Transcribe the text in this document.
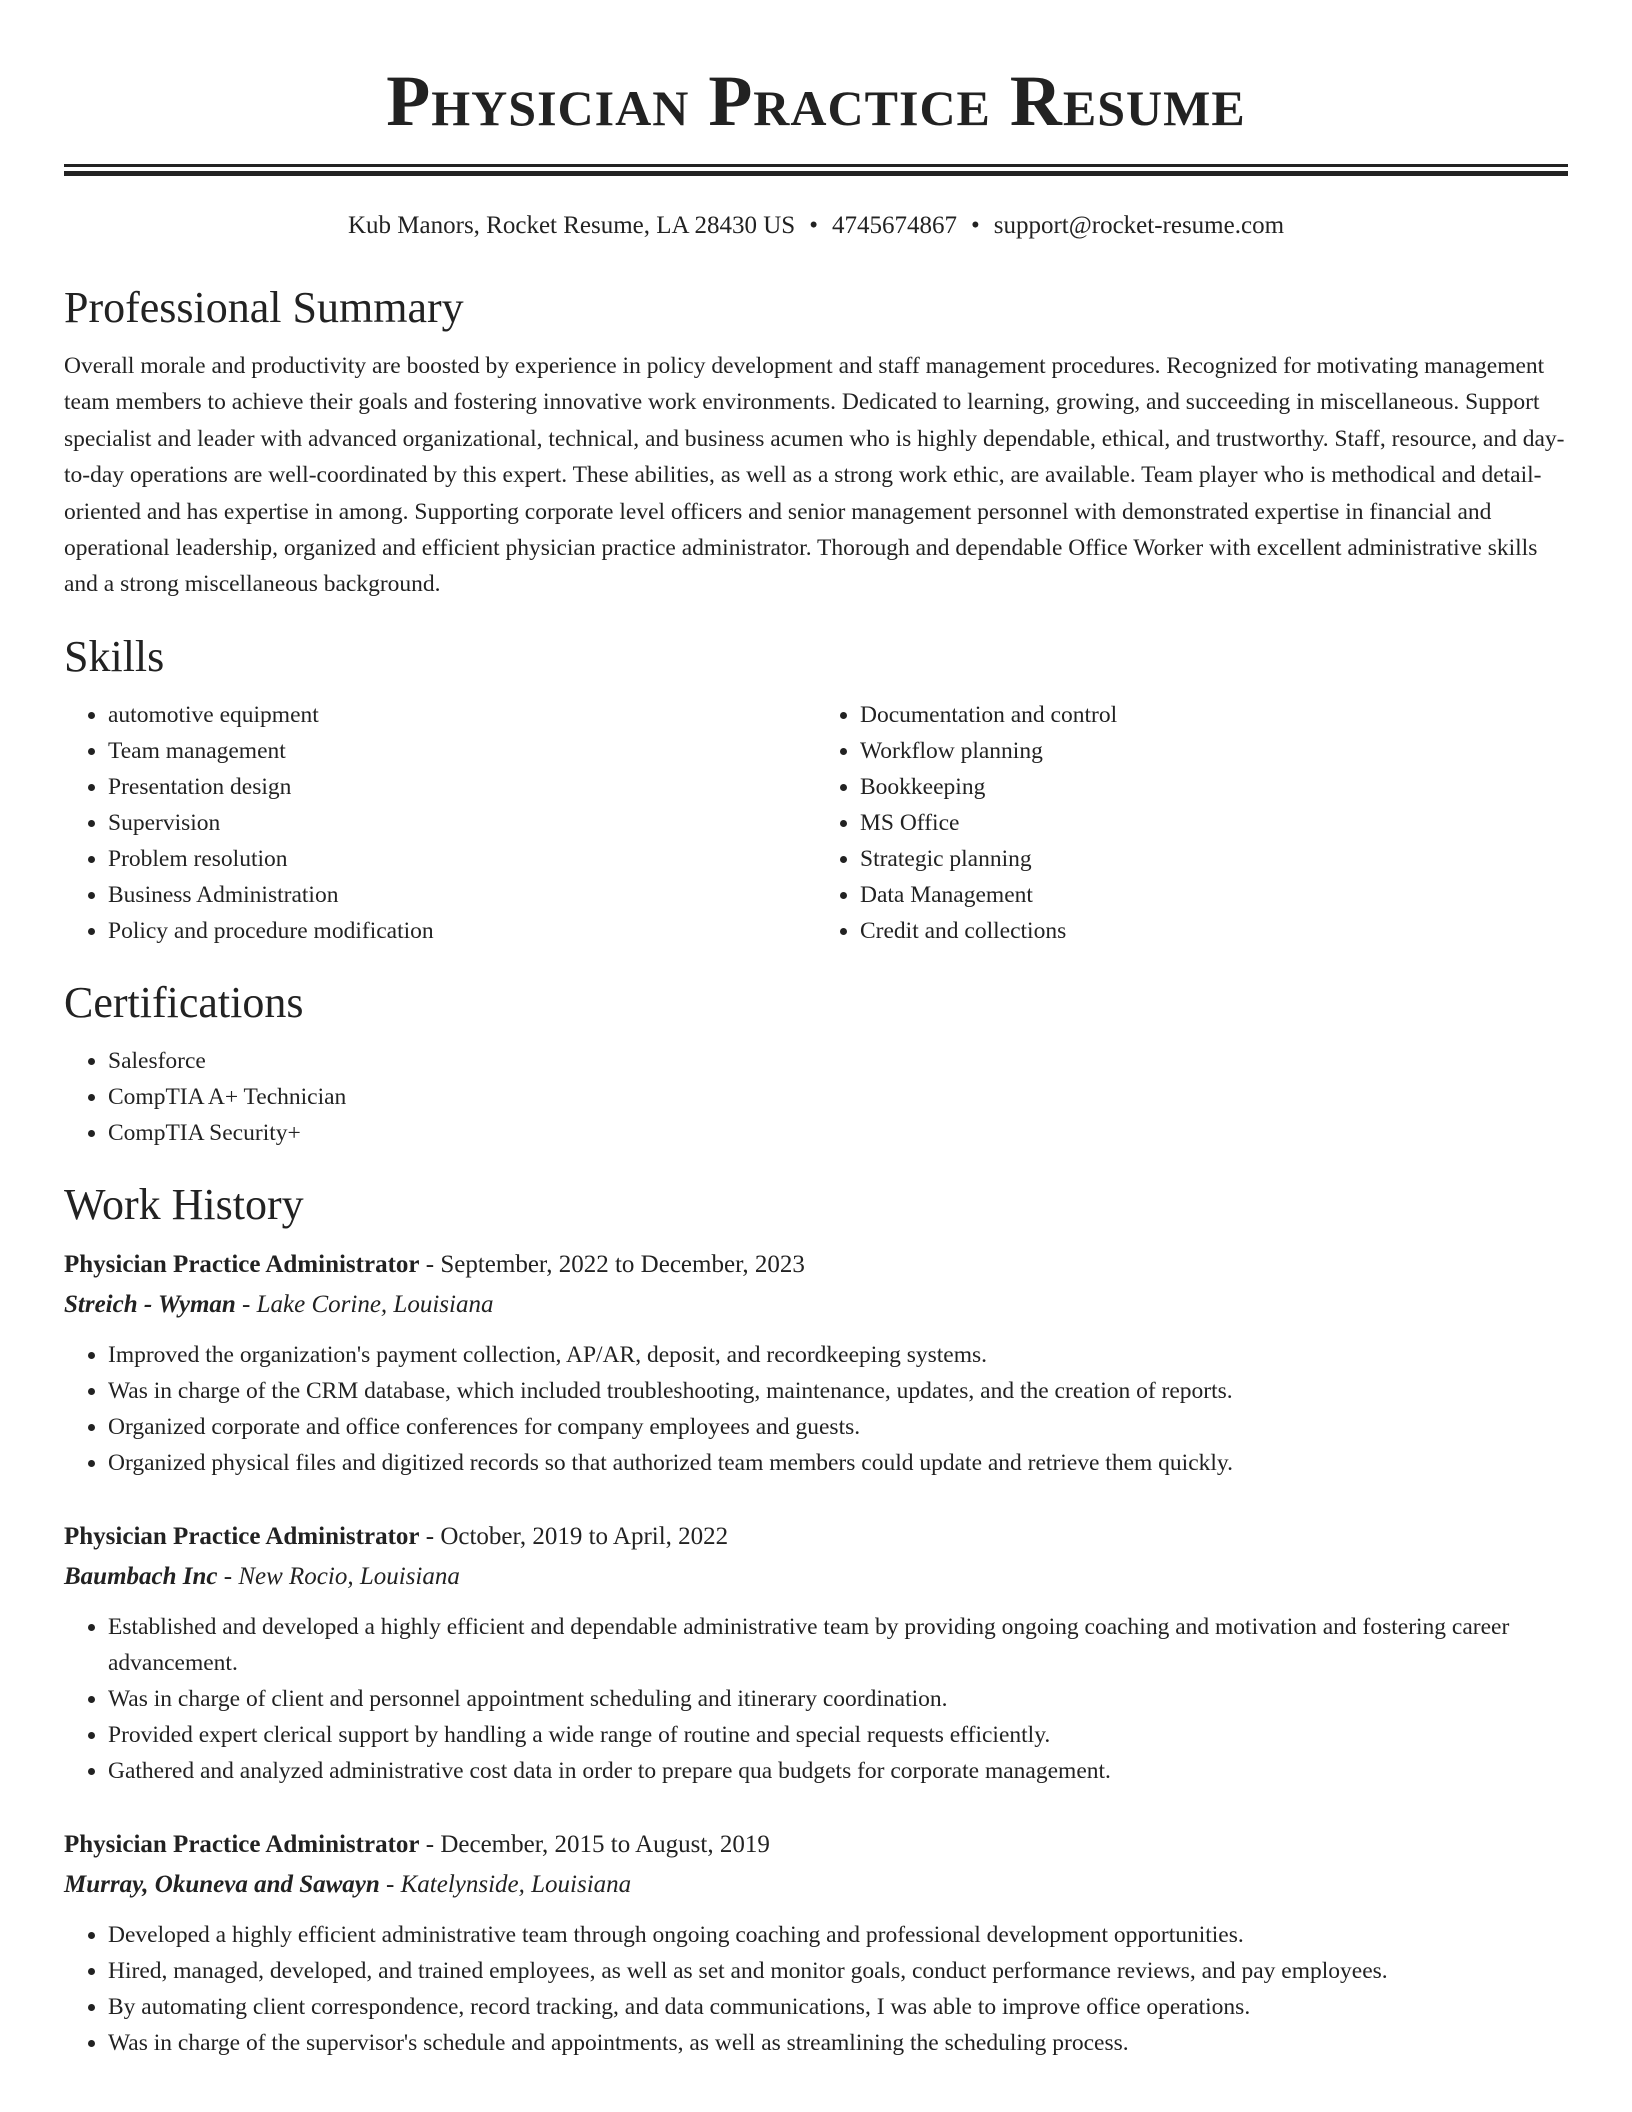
Physician Practice Resume
Kub Manors, Rocket Resume, LA 28430 US • 4745674867 • support@rocket-resume.com
Professional Summary

Overall morale and productivity are boosted by experience in policy development and staff management procedures. Recognized for motivating management team members to achieve their goals and fostering innovative work environments. Dedicated to learning, growing, and succeeding in miscellaneous. Support specialist and leader with advanced organizational, technical, and business acumen who is highly dependable, ethical, and trustworthy. Staff, resource, and day-to-day operations are well-coordinated by this expert. These abilities, as well as a strong work ethic, are available. Team player who is methodical and detail-oriented and has expertise in among. Supporting corporate level officers and senior management personnel with demonstrated expertise in financial and operational leadership, organized and efficient physician practice administrator. Thorough and dependable Office Worker with excellent administrative skills and a strong miscellaneous background.

Skills
• automotive equipment
• Team management
• Presentation design
• Supervision
• Problem resolution
• Business Administration
• Policy and procedure modification
• Documentation and control
• Workflow planning
• Bookkeeping
• MS Office
• Strategic planning
• Data Management
• Credit and collections
Certifications
• Salesforce
• CompTIA A+ Technician
• CompTIA Security+
Work History
Physician Practice Administrator - September, 2022 to December, 2023
Streich - Wyman - Lake Corine, Louisiana
• Improved the organization's payment collection, AP/AR, deposit, and recordkeeping systems.
• Was in charge of the CRM database, which included troubleshooting, maintenance, updates, and the creation of reports.
• Organized corporate and office conferences for company employees and guests.
• Organized physical files and digitized records so that authorized team members could update and retrieve them quickly.
Physician Practice Administrator - October, 2019 to April, 2022
Baumbach Inc - New Rocio, Louisiana
• Established and developed a highly efficient and dependable administrative team by providing ongoing coaching and motivation and fostering career advancement.
• Was in charge of client and personnel appointment scheduling and itinerary coordination.
• Provided expert clerical support by handling a wide range of routine and special requests efficiently.
• Gathered and analyzed administrative cost data in order to prepare qua budgets for corporate management.
Physician Practice Administrator - December, 2015 to August, 2019
Murray, Okuneva and Sawayn - Katelynside, Louisiana
• Developed a highly efficient administrative team through ongoing coaching and professional development opportunities.
• Hired, managed, developed, and trained employees, as well as set and monitor goals, conduct performance reviews, and pay employees.
• By automating client correspondence, record tracking, and data communications, I was able to improve office operations.
• Was in charge of the supervisor's schedule and appointments, as well as streamlining the scheduling process.
